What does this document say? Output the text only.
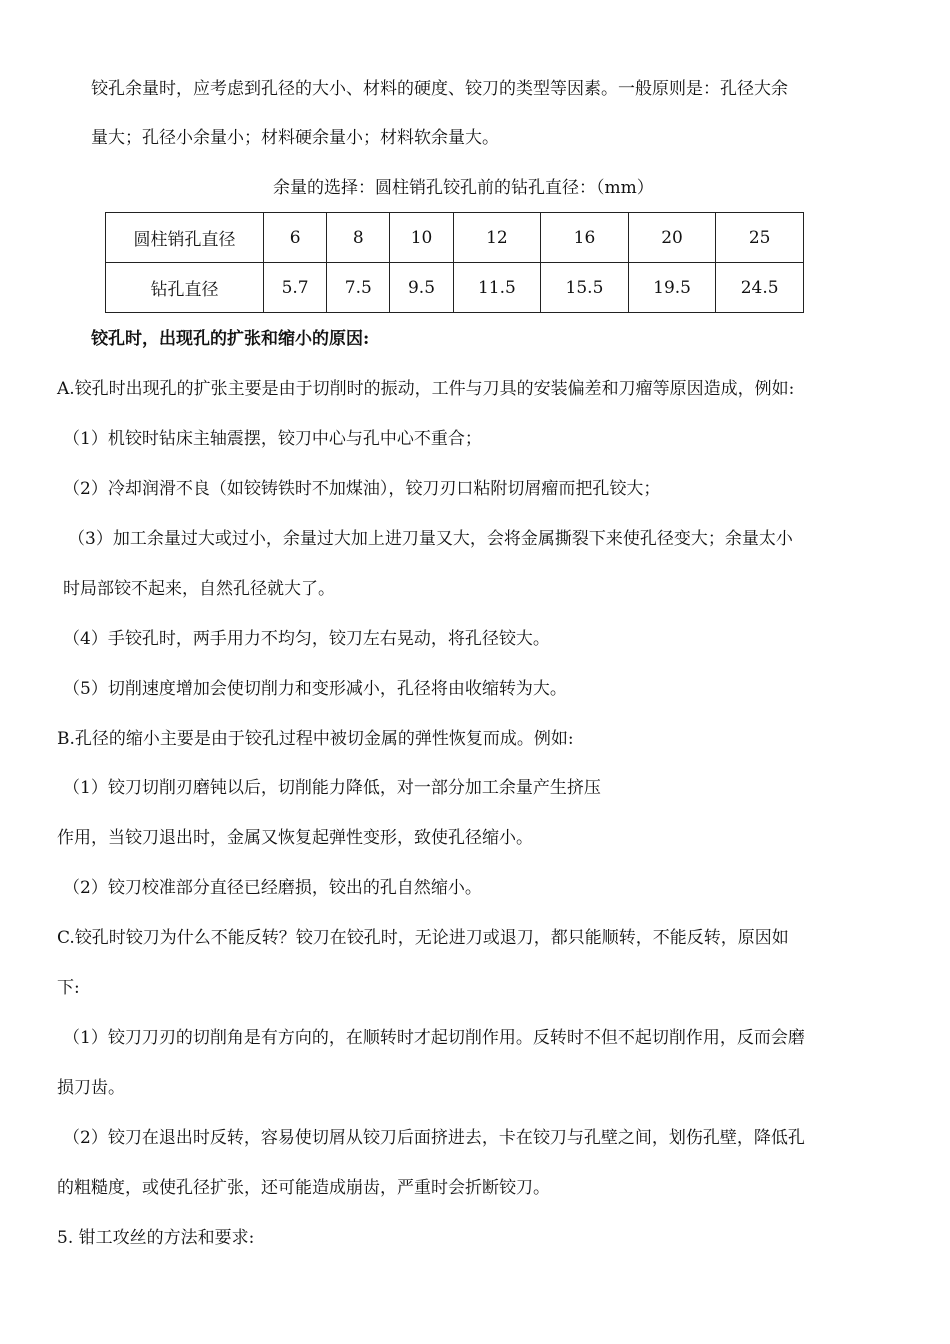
铰孔余量时，应考虑到孔径的大小、材料的硬度、铰刀的类型等因素。一般原则是：孔径大余
量大；孔径小余量小；材料硬余量小；材料软余量大。
余量的选择：圆柱销孔铰孔前的钻孔直径：（mm）
圆柱销孔直径	6	8	10	12	16	20	25
钻孔直径	5.7	7.5	9.5	11.5	15.5	19.5	24.5
铰孔时，出现孔的扩张和缩小的原因:
A.铰孔时出现孔的扩张主要是由于切削时的振动，工件与刀具的安装偏差和刀瘤等原因造成，例如:
（1）机铰时钻床主轴震摆，铰刀中心与孔中心不重合；
（2）冷却润滑不良（如铰铸铁时不加煤油），铰刀刃口粘附切屑瘤而把孔铰大；
（3）加工余量过大或过小，余量过大加上进刀量又大，会将金属撕裂下来使孔径变大；余量太小
时局部铰不起来，自然孔径就大了。
（4）手铰孔时，两手用力不均匀，铰刀左右晃动，将孔径铰大。
（5）切削速度增加会使切削力和变形减小，孔径将由收缩转为大。
B.孔径的缩小主要是由于铰孔过程中被切金属的弹性恢复而成。例如:
（1）铰刀切削刃磨钝以后，切削能力降低，对一部分加工余量产生挤压
作用，当铰刀退出时，金属又恢复起弹性变形，致使孔径缩小。
（2）铰刀校准部分直径已经磨损，铰出的孔自然缩小。
C.铰孔时铰刀为什么不能反转？铰刀在铰孔时，无论进刀或退刀，都只能顺转，不能反转，原因如
下:
（1）铰刀刀刃的切削角是有方向的，在顺转时才起切削作用。反转时不但不起切削作用，反而会磨
损刀齿。
（2）铰刀在退出时反转，容易使切屑从铰刀后面挤进去，卡在铰刀与孔壁之间，划伤孔壁，降低孔
的粗糙度，或使孔径扩张，还可能造成崩齿，严重时会折断铰刀。
5. 钳工攻丝的方法和要求:
